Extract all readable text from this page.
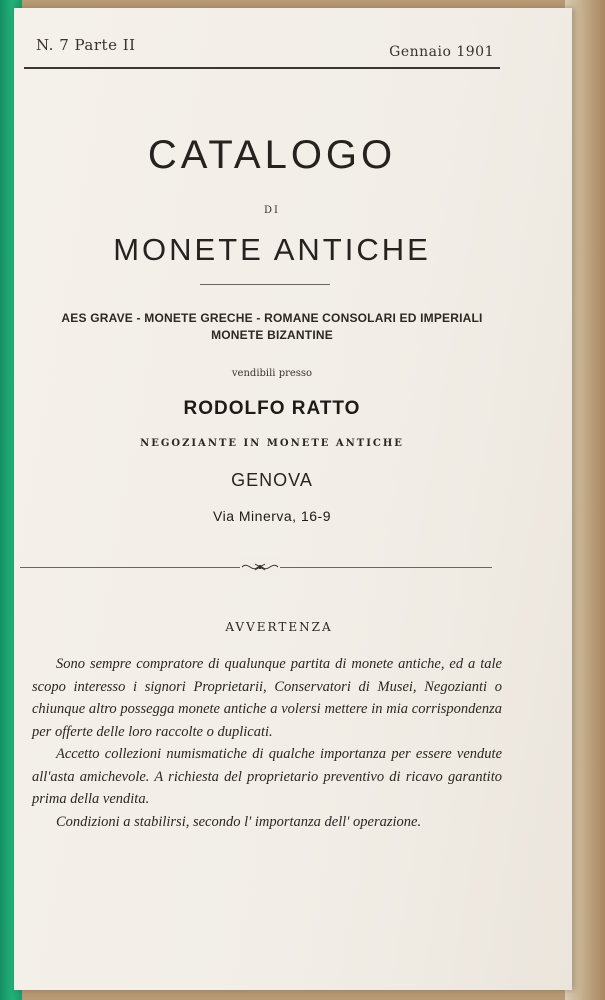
N. 7 Parte II	Gennaio 1901
CATALOGO
DI
MONETE ANTICHE
AES GRAVE - MONETE GRECHE - ROMANE CONSOLARI ED IMPERIALI
MONETE BIZANTINE
vendibili presso
RODOLFO RATTO
NEGOZIANTE IN MONETE ANTICHE
GENOVA
Via Minerva, 16-9
AVVERTENZA

Sono sempre compratore di qualunque partita di monete antiche, ed a tale scopo interesso i signori Proprietarii, Conservatori di Musei, Negozianti o chiunque altro possegga monete antiche a volersi mettere in mia corrispondenza per offerte delle loro raccolte o duplicati.

Accetto collezioni numismatiche di qualche importanza per essere vendute all'asta amichevole. A richiesta del proprietario preventivo di ricavo garantito prima della vendita.

Condizioni a stabilirsi, secondo l' importanza dell' operazione.
